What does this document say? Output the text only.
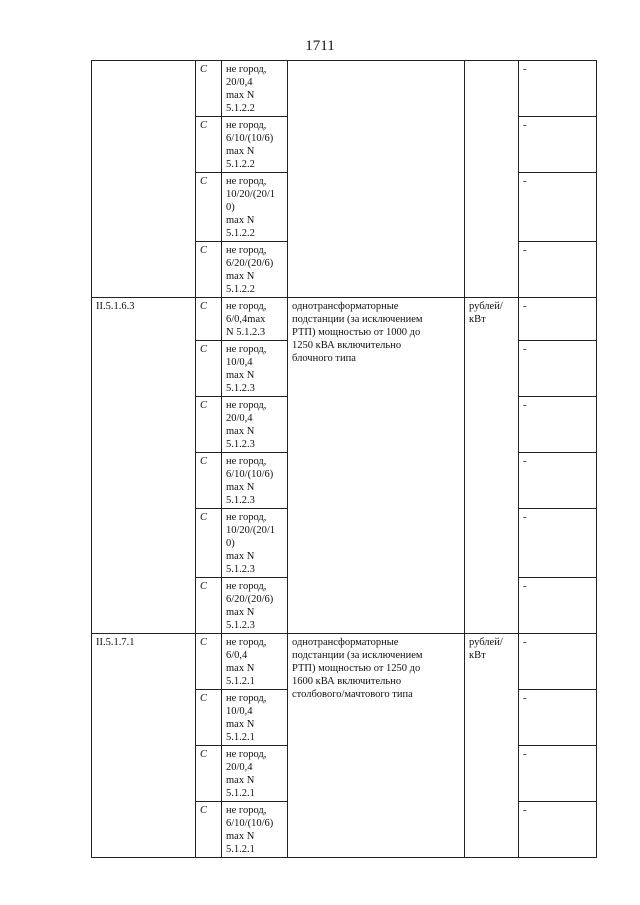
1711
	С	не город,
20/0,4
max N
5.1.2.2			-
	С	не город,
6/10/(10/6)
max N
5.1.2.2			-
	С	не город,
10/20/(20/1
0)
max N
5.1.2.2			-
	С	не город,
6/20/(20/6)
max N
5.1.2.2			-
II.5.1.6.3	С	не город,
6/0,4max
N 5.1.2.3	однотрансформаторные
подстанции (за исключением
РТП) мощностью от 1000 до
1250 кВА включительно
блочного типа	рублей/
кВт	-
	С	не город,
10/0,4
max N
5.1.2.3			-
	С	не город,
20/0,4
max N
5.1.2.3			-
	С	не город,
6/10/(10/6)
max N
5.1.2.3			-
	С	не город,
10/20/(20/1
0)
max N
5.1.2.3			-
	С	не город,
6/20/(20/6)
max N
5.1.2.3			-
II.5.1.7.1	С	не город,
6/0,4
max N
5.1.2.1	однотрансформаторные
подстанции (за исключением
РТП) мощностью от 1250 до
1600 кВА включительно
столбового/мачтового типа	рублей/
кВт	-
	С	не город,
10/0,4
max N
5.1.2.1			-
	С	не город,
20/0,4
max N
5.1.2.1			-
	С	не город,
6/10/(10/6)
max N
5.1.2.1			-
